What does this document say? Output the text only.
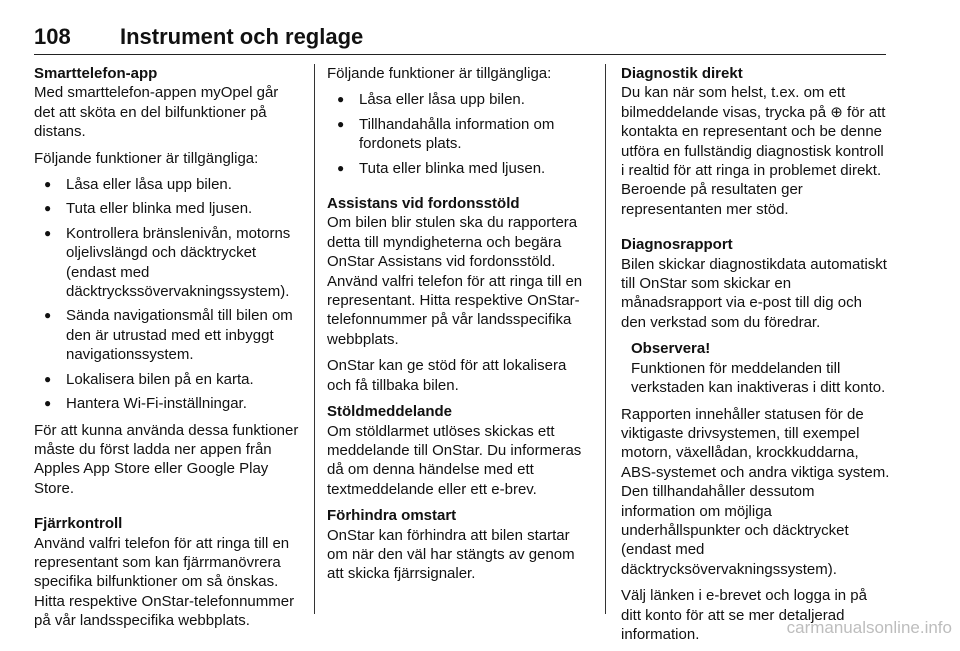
108 Instrument och reglage
Smarttelefon-app

Med smarttelefon-appen myOpel går det att sköta en del bilfunktioner på distans.

Följande funktioner är tillgängliga:

● Låsa eller låsa upp bilen.
● Tuta eller blinka med ljusen.
● Kontrollera bränslenivån, motorns oljelivslängd och däcktrycket (endast med däcktryckssövervakningssystem).
● Sända navigationsmål till bilen om den är utrustad med ett inbyggt navigationssystem.
● Lokalisera bilen på en karta.
● Hantera Wi-Fi-inställningar.

För att kunna använda dessa funktioner måste du först ladda ner appen från Apples App Store eller Google Play Store.

Fjärrkontroll

Använd valfri telefon för att ringa till en representant som kan fjärrmanövrera specifika bilfunktioner om så önskas. Hitta respektive OnStar-telefonnummer på vår landsspecifika webbplats.

Följande funktioner är tillgängliga:

● Låsa eller låsa upp bilen.
● Tillhandahålla information om fordonets plats.
● Tuta eller blinka med ljusen.
Assistans vid fordonsstöld

Om bilen blir stulen ska du rapportera detta till myndigheterna och begära OnStar Assistans vid fordonsstöld. Använd valfri telefon för att ringa till en representant. Hitta respektive OnStar-telefonnummer på vår landsspecifika webbplats.

OnStar kan ge stöd för att lokalisera och få tillbaka bilen.

Stöldmeddelande

Om stöldlarmet utlöses skickas ett meddelande till OnStar. Du informeras då om denna händelse med ett textmeddelande eller ett e-brev.

Förhindra omstart

OnStar kan förhindra att bilen startar om när den väl har stängts av genom att skicka fjärrsignaler.

Diagnostik direkt

Du kan när som helst, t.ex. om ett bilmeddelande visas, trycka på ⊕ för att kontakta en representant och be denne utföra en fullständig diagnostisk kontroll i realtid för att ringa in problemet direkt. Beroende på resultaten ger representanten mer stöd.

Diagnosrapport

Bilen skickar diagnostikdata automatiskt till OnStar som skickar en månadsrapport via e-post till dig och den verkstad som du föredrar.

Observera!

Funktionen för meddelanden till verkstaden kan inaktiveras i ditt konto.

Rapporten innehåller statusen för de viktigaste drivsystemen, till exempel motorn, växellådan, krockkuddarna, ABS-systemet och andra viktiga system. Den tillhandahåller dessutom information om möjliga underhållspunkter och däcktrycket (endast med däcktrycksövervakningssystem).

Välj länken i e-brevet och logga in på ditt konto för att se mer detaljerad information.	carmanualsonline.info
